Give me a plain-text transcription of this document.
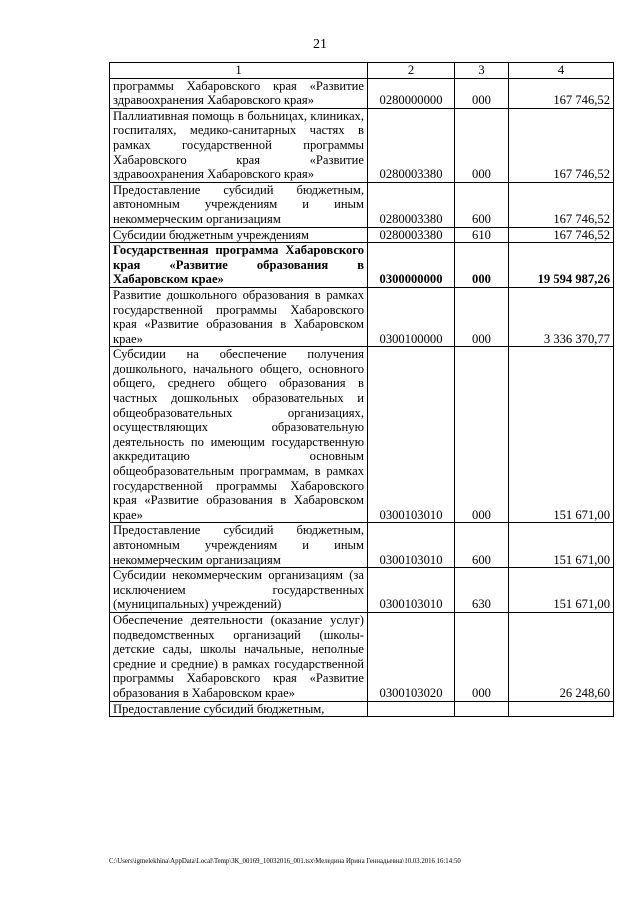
21
1	2	3	4
программы Хабаровского края «Развитие здравоохранения Хабаровского края»	0280000000	000	167 746,52
Паллиативная помощь в больницах, клиниках, госпиталях, медико-санитарных частях в рамках государственной программы Хабаровского края «Развитие здравоохранения Хабаровского края»	0280003380	000	167 746,52
Предоставление субсидий бюджетным, автономным учреждениям и иным некоммерческим организациям	0280003380	600	167 746,52
Субсидии бюджетным учреждениям	0280003380	610	167 746,52
Государственная программа Хабаровского края «Развитие образования в Хабаровском крае»	0300000000	000	19 594 987,26
Развитие дошкольного образования в рамках государственной программы Хабаровского края «Развитие образования в Хабаровском крае»	0300100000	000	3 336 370,77
Субсидии на обеспечение получения дошкольного, начального общего, основного общего, среднего общего образования в частных дошкольных образовательных и общеобразовательных организациях, осуществляющих образовательную деятельность по имеющим государственную аккредитацию основным общеобразовательным программам, в рамках государственной программы Хабаровского края «Развитие образования в Хабаровском крае»	0300103010	000	151 671,00
Предоставление субсидий бюджетным, автономным учреждениям и иным некоммерческим организациям	0300103010	600	151 671,00
Субсидии некоммерческим организациям (за исключением государственных (муниципальных) учреждений)	0300103010	630	151 671,00
Обеспечение деятельности (оказание услуг) подведомственных организаций (школы-детские сады, школы начальные, неполные средние и средние) в рамках государственной программы Хабаровского края «Развитие образования в Хабаровском крае»	0300103020	000	26 248,60
Предоставление субсидий бюджетным,			
C:\Users\igmelekhina\AppData\Local\Temp\ЗК_00169_10032016_001.tsx\Меледина Ирина Геннадьевна\10.03.2016 16:14:50
